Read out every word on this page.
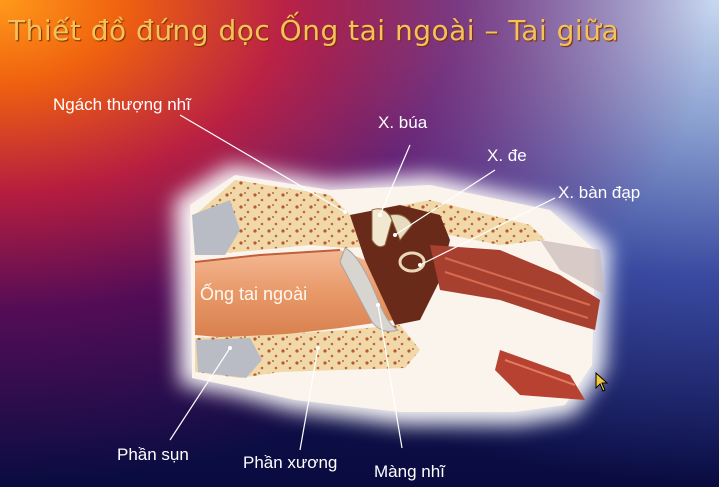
Thiết đồ đứng dọc Ống tai ngoài – Tai giữa
Ngách thượng nhĩ
X. búa
X. đe
X. bàn đạp
Ống tai ngoài
Phần sụn	Phần xương Màng nhĩ
